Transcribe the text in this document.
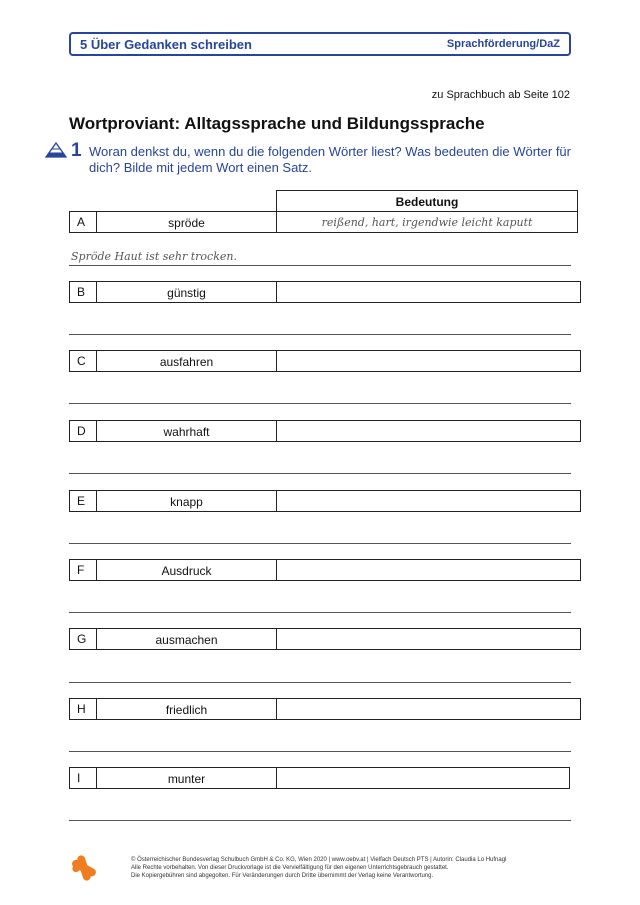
5 Über Gedanken schreiben	Sprachförderung/DaZ
zu Sprachbuch ab Seite 102
Wortproviant: Alltagssprache und Bildungssprache
1 Woran denkst du, wenn du die folgenden Wörter liest? Was bedeuten die Wörter für dich? Bilde mit jedem Wort einen Satz.
Bedeutung
A	spröde	reißend, hart, irgendwie leicht kaputt
Spröde Haut ist sehr trocken.
B	günstig
C	ausfahren
D	wahrhaft
E	knapp
F	Ausdruck
G	ausmachen
H	friedlich
I	munter
© Österreichischer Bundesverlag Schulbuch GmbH & Co. KG, Wien 2020 | www.oebv.at | Vielfach Deutsch PTS | Autorin: Claudia Lo Hufnagl
Alle Rechte vorbehalten. Von dieser Druckvorlage ist die Vervielfältigung für den eigenen Unterrichtsgebrauch gestattet.
Die Kopiergebühren sind abgegolten. Für Veränderungen durch Dritte übernimmt der Verlag keine Verantwortung.
